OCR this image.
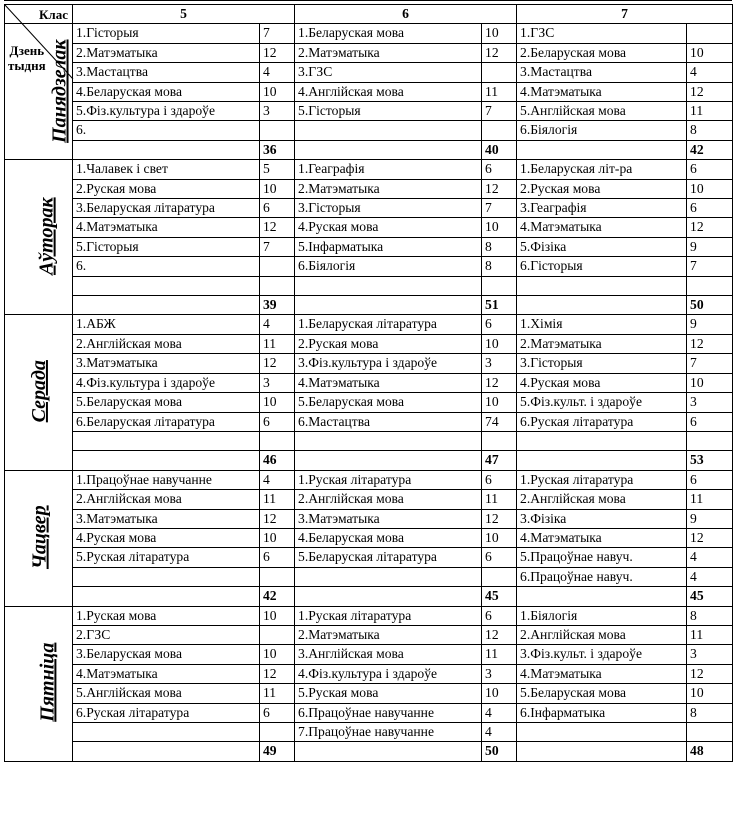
Клас
Дзень
тыдня	5		6		7	
Панядзелак	1.Гісторыя	7	1.Беларуская мова	10	1.ГЗС	
	2.Матэматыка	12	2.Матэматыка	12	2.Беларуская мова	10
	3.Мастацтва	4	3.ГЗС		3.Мастацтва	4
	4.Беларуская мова	10	4.Англійская мова	11	4.Матэматыка	12
	5.Фіз.культура і здароўе	3	5.Гісторыя	7	5.Англійская мова	11
	6.				6.Біялогія	8
		36		40		42
Аўторак	1.Чалавек і свет	5	1.Геаграфія	6	1.Беларуская літ-ра	6
	2.Руская мова	10	2.Матэматыка	12	2.Руская мова	10
	3.Беларуская літаратура	6	3.Гісторыя	7	3.Геаграфія	6
	4.Матэматыка	12	4.Руская мова	10	4.Матэматыка	12
	5.Гісторыя	7	5.Інфарматыка	8	5.Фізіка	9
	6.		6.Біялогія	8	6.Гісторыя	7

		39		51		50
Серада	1.АБЖ	4	1.Беларуская літаратура	6	1.Хімія	9
	2.Англійская мова	11	2.Руская мова	10	2.Матэматыка	12
	3.Матэматыка	12	3.Фіз.культура і здароўе	3	3.Гісторыя	7
	4.Фіз.культура і здароўе	3	4.Матэматыка	12	4.Руская мова	10
	5.Беларуская мова	10	5.Беларуская мова	10	5.Фіз.культ. і здароўе	3
	6.Беларуская літаратура	6	6.Мастацтва	74	6.Руская літаратура	6

		46		47		53
Чацвер	1.Працоўнае навучанне	4	1.Руская літаратура	6	1.Руская літаратура	6
	2.Англійская мова	11	2.Англійская мова	11	2.Англійская мова	11
	3.Матэматыка	12	3.Матэматыка	12	3.Фізіка	9
	4.Руская мова	10	4.Беларуская мова	10	4.Матэматыка	12
	5.Руская літаратура	6	5.Беларуская літаратура	6	5.Працоўнае навуч.	4
					6.Працоўнае навуч.	4
		42		45		45
Пятніца	1.Руская мова	10	1.Руская літаратура	6	1.Біялогія	8
	2.ГЗС		2.Матэматыка	12	2.Англійская мова	11
	3.Беларуская мова	10	3.Англійская мова	11	3.Фіз.культ. і здароўе	3
	4.Матэматыка	12	4.Фіз.культура і здароўе	3	4.Матэматыка	12
	5.Англійская мова	11	5.Руская мова	10	5.Беларуская мова	10
	6.Руская літаратура	6	6.Працоўнае навучанне	4	6.Інфарматыка	8
			7.Працоўнае навучанне	4		
		49		50		48
